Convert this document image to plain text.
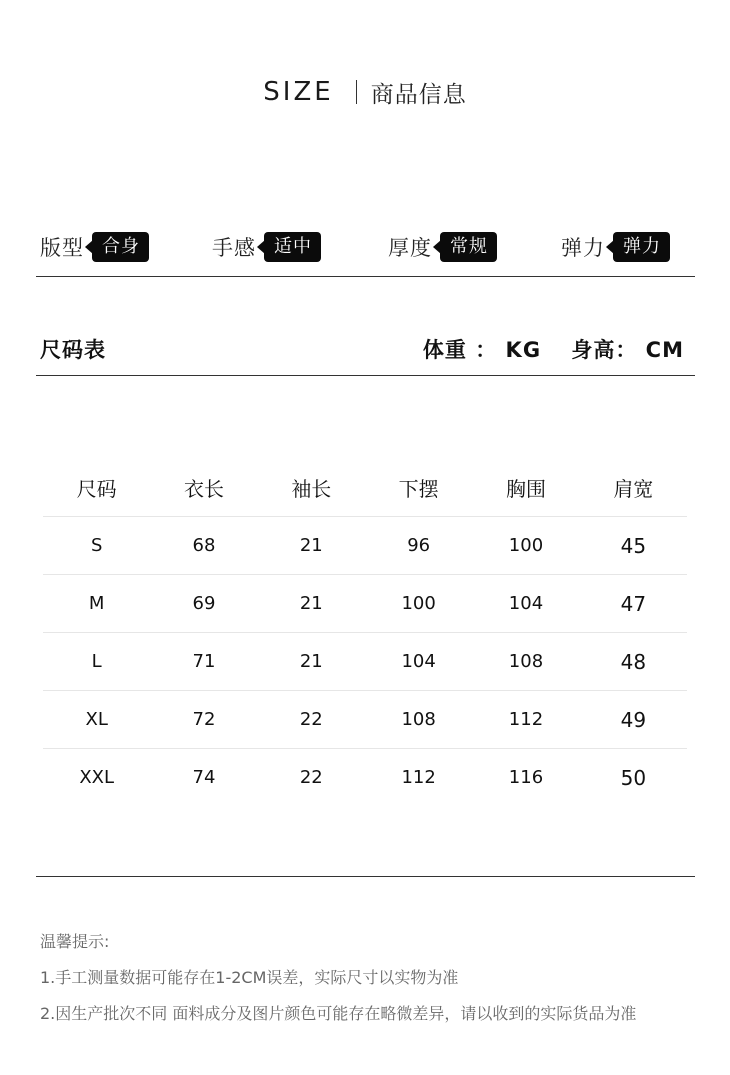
SIZE 商品信息
版型	合身	手感	适中	厚度	常规	弹力	弹力
尺码表	体重 ： KG 身高： CM
尺码	衣长	袖长	下摆	胸围	肩宽
S	68	21	96	100	45
M	69	21	100	104	47
L	71	21	104	108	48
XL	72	22	108	112	49
XXL	74	22	112	116	50
温馨提示:
1.手工测量数据可能存在1-2CM误差，实际尺寸以实物为准
2.因生产批次不同 面料成分及图片颜色可能存在略微差异，请以收到的实际货品为准
